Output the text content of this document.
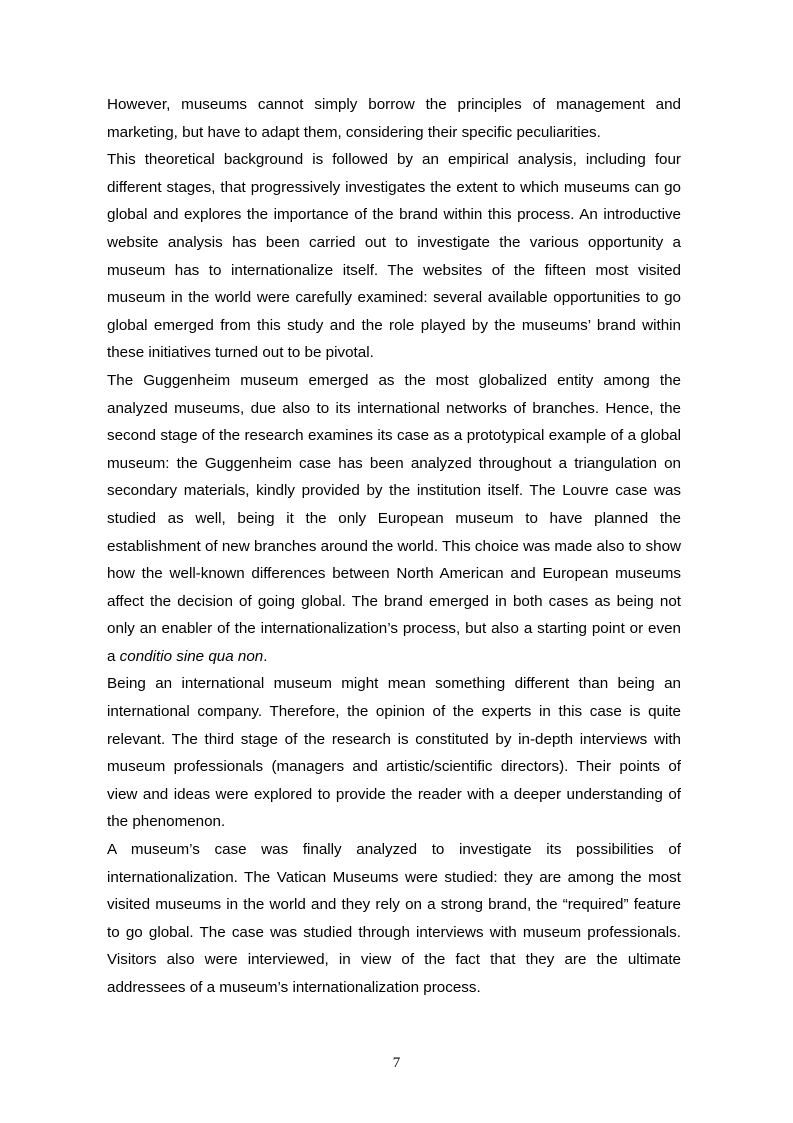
However, museums cannot simply borrow the principles of management and marketing, but have to adapt them, considering their specific peculiarities.

This theoretical background is followed by an empirical analysis, including four different stages, that progressively investigates the extent to which museums can go global and explores the importance of the brand within this process. An introductive website analysis has been carried out to investigate the various opportunity a museum has to internationalize itself. The websites of the fifteen most visited museum in the world were carefully examined: several available opportunities to go global emerged from this study and the role played by the museums’ brand within these initiatives turned out to be pivotal.

The Guggenheim museum emerged as the most globalized entity among the analyzed museums, due also to its international networks of branches. Hence, the second stage of the research examines its case as a prototypical example of a global museum: the Guggenheim case has been analyzed throughout a triangulation on secondary materials, kindly provided by the institution itself. The Louvre case was studied as well, being it the only European museum to have planned the establishment of new branches around the world. This choice was made also to show how the well-known differences between North American and European museums affect the decision of going global. The brand emerged in both cases as being not only an enabler of the internationalization’s process, but also a starting point or even a conditio sine qua non.

Being an international museum might mean something different than being an international company. Therefore, the opinion of the experts in this case is quite relevant. The third stage of the research is constituted by in-depth interviews with museum professionals (managers and artistic/scientific directors). Their points of view and ideas were explored to provide the reader with a deeper understanding of the phenomenon.

A museum’s case was finally analyzed to investigate its possibilities of internationalization. The Vatican Museums were studied: they are among the most visited museums in the world and they rely on a strong brand, the “required” feature to go global. The case was studied through interviews with museum professionals. Visitors also were interviewed, in view of the fact that they are the ultimate addressees of a museum’s internationalization process.

7
